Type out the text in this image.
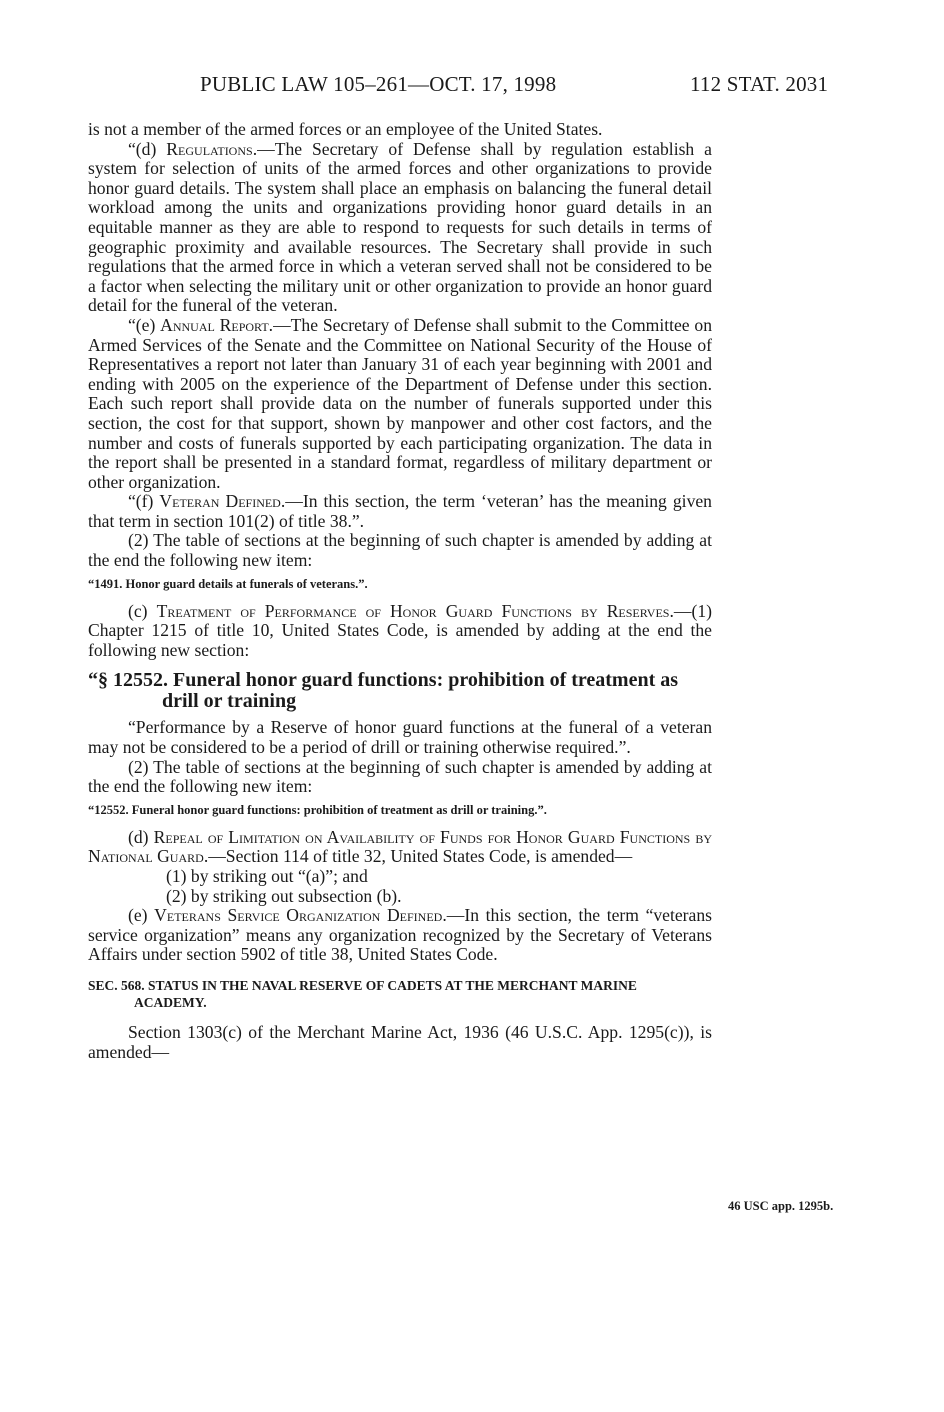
PUBLIC LAW 105–261—OCT. 17, 1998	112 STAT. 2031

is not a member of the armed forces or an employee of the United States.

“(d) Regulations.—The Secretary of Defense shall by regulation establish a system for selection of units of the armed forces and other organizations to provide honor guard details. The system shall place an emphasis on balancing the funeral detail workload among the units and organizations providing honor guard details in an equitable manner as they are able to respond to requests for such details in terms of geographic proximity and available resources. The Secretary shall provide in such regulations that the armed force in which a veteran served shall not be considered to be a factor when selecting the military unit or other organization to provide an honor guard detail for the funeral of the veteran.

“(e) Annual Report.—The Secretary of Defense shall submit to the Committee on Armed Services of the Senate and the Committee on National Security of the House of Representatives a report not later than January 31 of each year beginning with 2001 and ending with 2005 on the experience of the Department of Defense under this section. Each such report shall provide data on the number of funerals supported under this section, the cost for that support, shown by manpower and other cost factors, and the number and costs of funerals supported by each participating organization. The data in the report shall be presented in a standard format, regardless of military department or other organization.

“(f) Veteran Defined.—In this section, the term ‘veteran’ has the meaning given that term in section 101(2) of title 38.”.

(2) The table of sections at the beginning of such chapter is amended by adding at the end the following new item:

“1491. Honor guard details at funerals of veterans.”.

(c) Treatment of Performance of Honor Guard Functions by Reserves.—(1) Chapter 1215 of title 10, United States Code, is amended by adding at the end the following new section:

“§ 12552. Funeral honor guard functions: prohibition of treatment as drill or training

“Performance by a Reserve of honor guard functions at the funeral of a veteran may not be considered to be a period of drill or training otherwise required.”.

(2) The table of sections at the beginning of such chapter is amended by adding at the end the following new item:

“12552. Funeral honor guard functions: prohibition of treatment as drill or training.”.

(d) Repeal of Limitation on Availability of Funds for Honor Guard Functions by National Guard.—Section 114 of title 32, United States Code, is amended—

(1) by striking out “(a)”; and

(2) by striking out subsection (b).

(e) Veterans Service Organization Defined.—In this section, the term “veterans service organization” means any organization recognized by the Secretary of Veterans Affairs under section 5902 of title 38, United States Code.

SEC. 568. STATUS IN THE NAVAL RESERVE OF CADETS AT THE MERCHANT MARINE ACADEMY.

Section 1303(c) of the Merchant Marine Act, 1936 (46 U.S.C. App. 1295(c)), is amended—

46 USC app. 1295b.
